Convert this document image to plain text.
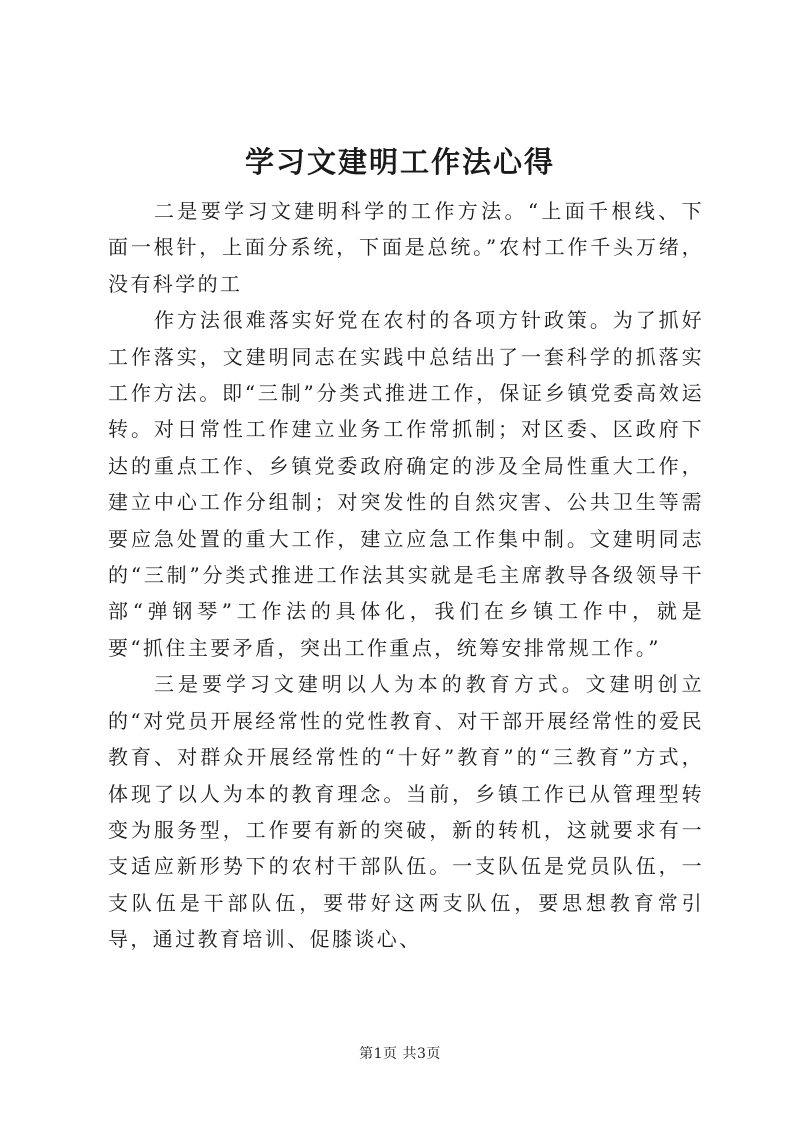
学习文建明工作法心得

二是要学习文建明科学的工作方法。“上面千根线、下面一根针，上面分系统，下面是总统。”农村工作千头万绪，没有科学的工

作方法很难落实好党在农村的各项方针政策。为了抓好工作落实，文建明同志在实践中总结出了一套科学的抓落实工作方法。即“三制”分类式推进工作，保证乡镇党委高效运转。对日常性工作建立业务工作常抓制；对区委、区政府下达的重点工作、乡镇党委政府确定的涉及全局性重大工作，建立中心工作分组制；对突发性的自然灾害、公共卫生等需要应急处置的重大工作，建立应急工作集中制。文建明同志的“三制”分类式推进工作法其实就是毛主席教导各级领导干部“弹钢琴”工作法的具体化，我们在乡镇工作中，就是要“抓住主要矛盾，突出工作重点，统筹安排常规工作。”

三是要学习文建明以人为本的教育方式。文建明创立的“对党员开展经常性的党性教育、对干部开展经常性的爱民教育、对群众开展经常性的“十好”教育”的“三教育”方式，体现了以人为本的教育理念。当前，乡镇工作已从管理型转变为服务型，工作要有新的突破，新的转机，这就要求有一支适应新形势下的农村干部队伍。一支队伍是党员队伍，一支队伍是干部队伍，要带好这两支队伍，要思想教育常引导，通过教育培训、促膝谈心、

第1页 共3页
